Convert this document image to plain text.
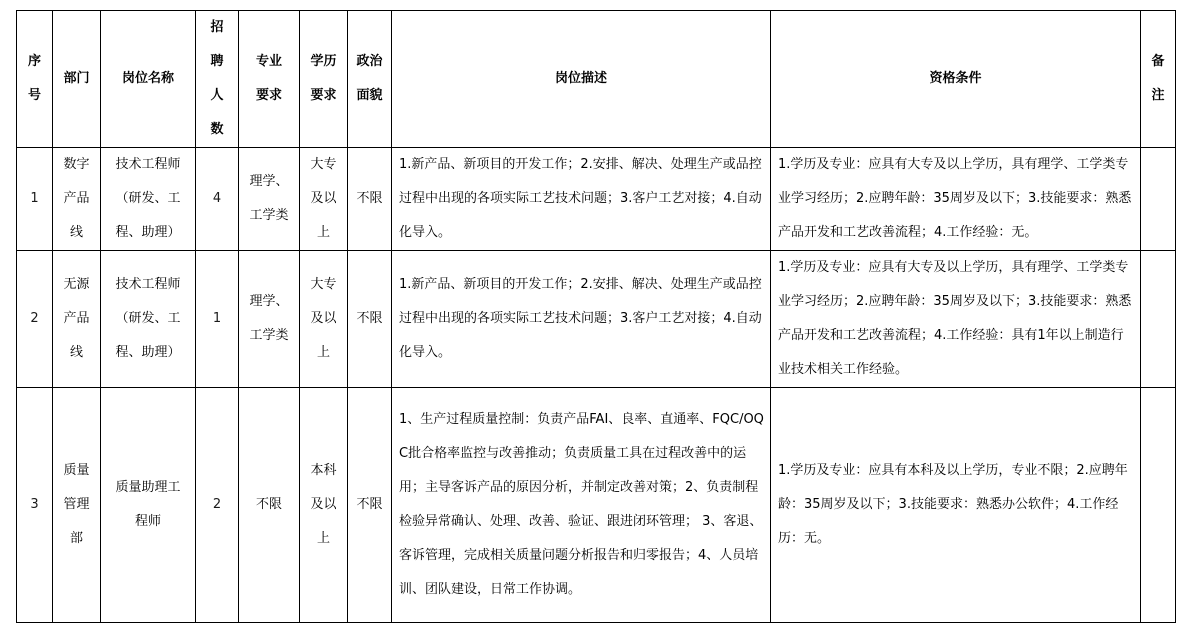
序号	部门	岗位名称	招聘人数	专业要求	学历要求	政治面貌	岗位描述	资格条件	备注
1	数字产品线	技术工程师（研发、工程、助理）	4	理学、工学类	大专及以上	不限	1.新产品、新项目的开发工作；2.安排、解决、处理生产或品控过程中出现的各项实际工艺技术问题；3.客户工艺对接；4.自动化导入。	1.学历及专业：应具有大专及以上学历，具有理学、工学类专业学习经历；2.应聘年龄：35周岁及以下；3.技能要求：熟悉产品开发和工艺改善流程；4.工作经验：无。	
2	无源产品线	技术工程师（研发、工程、助理）	1	理学、工学类	大专及以上	不限	1.新产品、新项目的开发工作；2.安排、解决、处理生产或品控过程中出现的各项实际工艺技术问题；3.客户工艺对接；4.自动化导入。	1.学历及专业：应具有大专及以上学历，具有理学、工学类专业学习经历；2.应聘年龄：35周岁及以下；3.技能要求：熟悉产品开发和工艺改善流程；4.工作经验：具有1年以上制造行业技术相关工作经验。	
3	质量管理部	质量助理工程师	2	不限	本科及以上	不限	1、生产过程质量控制：负责产品FAI、良率、直通率、FQC/OQC批合格率监控与改善推动；负责质量工具在过程改善中的运用；主导客诉产品的原因分析，并制定改善对策；2、负责制程检验异常确认、处理、改善、验证、跟进闭环管理； 3、客退、客诉管理，完成相关质量问题分析报告和归零报告；4、人员培训、团队建设，日常工作协调。	1.学历及专业：应具有本科及以上学历，专业不限；2.应聘年龄：35周岁及以下；3.技能要求：熟悉办公软件；4.工作经历：无。	
